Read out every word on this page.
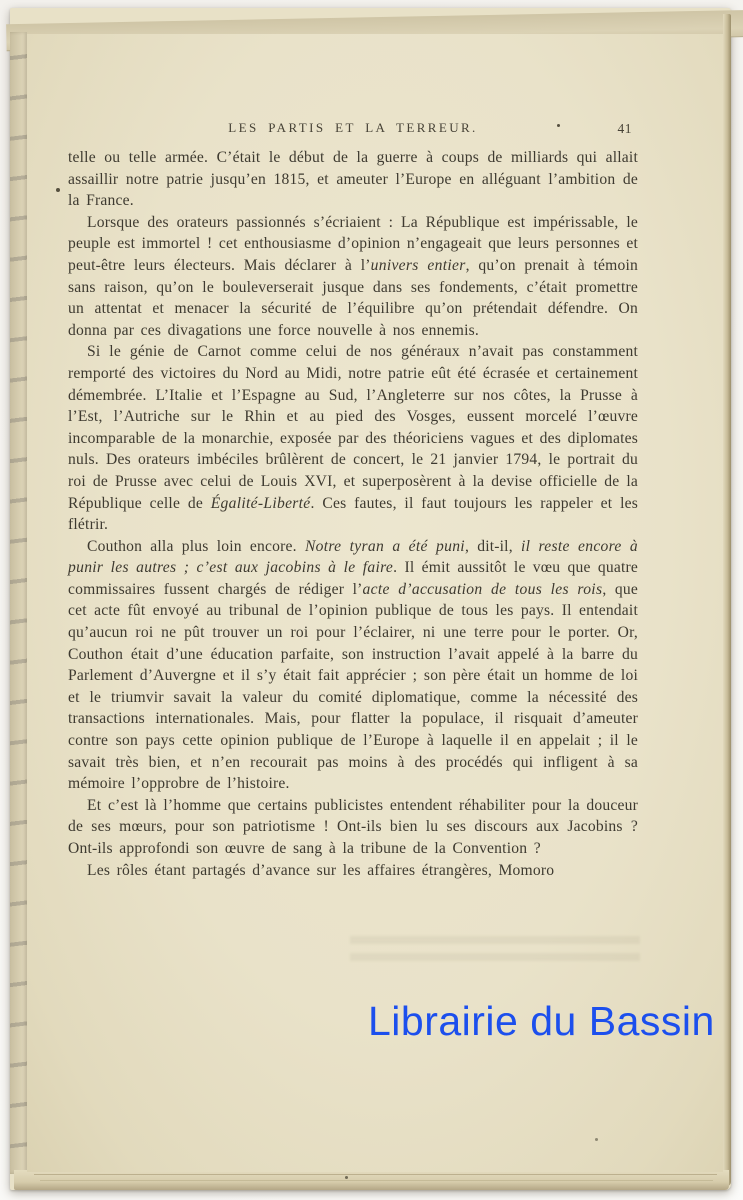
LES PARTIS ET LA TERREUR.	41

telle ou telle armée. C’était le début de la guerre à coups de milliards qui allait assaillir notre patrie jusqu’en 1815, et ameuter l’Europe en alléguant l’ambition de la France.

Lorsque des orateurs passionnés s’écriaient : La République est impérissable, le peuple est immortel ! cet enthousiasme d’opinion n’engageait que leurs personnes et peut-être leurs électeurs. Mais déclarer à l’univers entier, qu’on prenait à témoin sans raison, qu’on le bouleverserait jusque dans ses fondements, c’était promettre un attentat et menacer la sécurité de l’équilibre qu’on prétendait défendre. On donna par ces divagations une force nouvelle à nos ennemis.

Si le génie de Carnot comme celui de nos généraux n’avait pas constamment remporté des victoires du Nord au Midi, notre patrie eût été écrasée et certainement démembrée. L’Italie et l’Espagne au Sud, l’Angleterre sur nos côtes, la Prusse à l’Est, l’Autriche sur le Rhin et au pied des Vosges, eussent morcelé l’œuvre incomparable de la monarchie, exposée par des théoriciens vagues et des diplomates nuls. Des orateurs imbéciles brûlèrent de concert, le 21 janvier 1794, le portrait du roi de Prusse avec celui de Louis XVI, et superposèrent à la devise officielle de la République celle de Égalité-Liberté. Ces fautes, il faut toujours les rappeler et les flétrir.

Couthon alla plus loin encore. Notre tyran a été puni, dit-il, il reste encore à punir les autres ; c’est aux jacobins à le faire. Il émit aussitôt le vœu que quatre commissaires fussent chargés de rédiger l’acte d’accusation de tous les rois, que cet acte fût envoyé au tribunal de l’opinion publique de tous les pays. Il entendait qu’aucun roi ne pût trouver un roi pour l’éclairer, ni une terre pour le porter. Or, Couthon était d’une éducation parfaite, son instruction l’avait appelé à la barre du Parlement d’Auvergne et il s’y était fait apprécier ; son père était un homme de loi et le triumvir savait la valeur du comité diplomatique, comme la nécessité des transactions internationales. Mais, pour flatter la populace, il risquait d’ameuter contre son pays cette opinion publique de l’Europe à laquelle il en appelait ; il le savait très bien, et n’en recourait pas moins à des procédés qui infligent à sa mémoire l’opprobre de l’histoire.

Et c’est là l’homme que certains publicistes entendent réhabiliter pour la douceur de ses mœurs, pour son patriotisme ! Ont-ils bien lu ses discours aux Jacobins ? Ont-ils approfondi son œuvre de sang à la tribune de la Convention ?

Les rôles étant partagés d’avance sur les affaires étrangères, Momoro

Librairie du Bassin
